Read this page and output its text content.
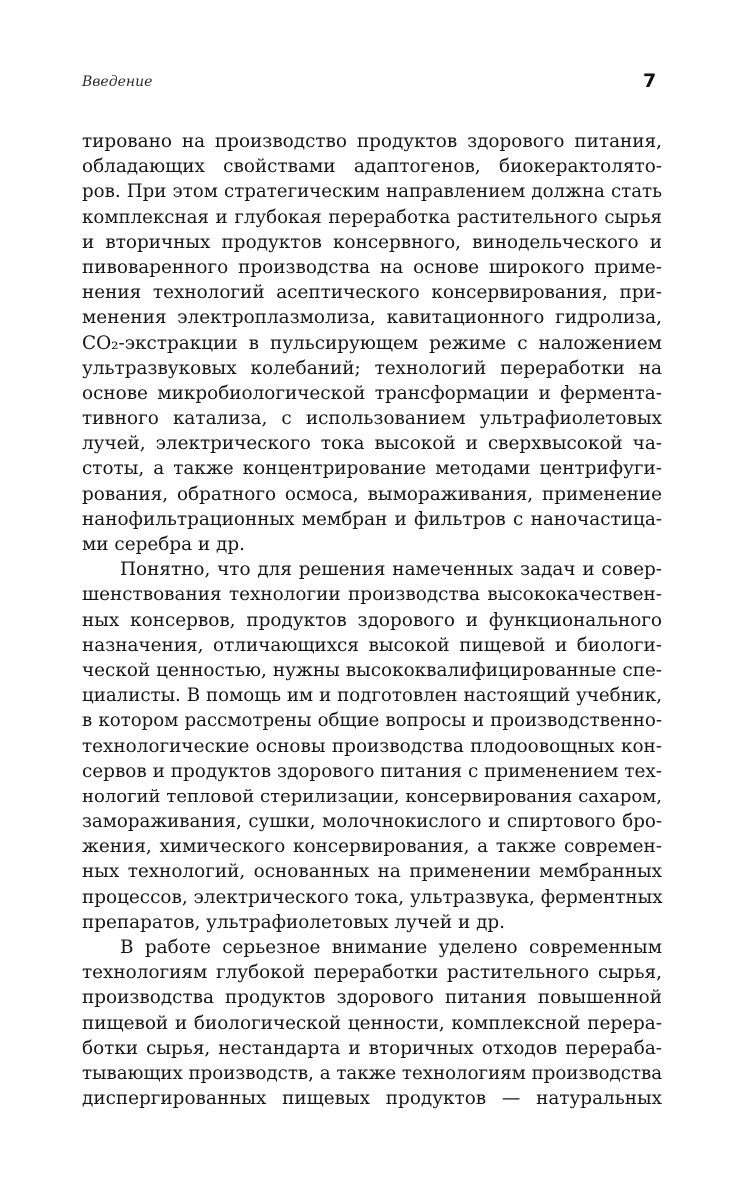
Введение	7
тировано на производство продуктов здорового питания,
обладающих свойствами адаптогенов, биокерактолято-
ров. При этом стратегическим направлением должна стать
комплексная и глубокая переработка растительного сырья
и вторичных продуктов консервного, винодельческого и
пивоваренного производства на основе широкого приме-
нения технологий асептического консервирования, при-
менения электроплазмолиза, кавитационного гидролиза,
CO₂-экстракции в пульсирующем режиме с наложением
ультразвуковых колебаний; технологий переработки на
основе микробиологической трансформации и фермента-
тивного катализа, с использованием ультрафиолетовых
лучей, электрического тока высокой и сверхвысокой ча-
стоты, а также концентрирование методами центрифуги-
рования, обратного осмоса, вымораживания, применение
нанофильтрационных мембран и фильтров с наночастица-
ми серебра и др.
Понятно, что для решения намеченных задач и совер-
шенствования технологии производства высококачествен-
ных консервов, продуктов здорового и функционального
назначения, отличающихся высокой пищевой и биологи-
ческой ценностью, нужны высококвалифицированные спе-
циалисты. В помощь им и подготовлен настоящий учебник,
в котором рассмотрены общие вопросы и производственно-
технологические основы производства плодоовощных кон-
сервов и продуктов здорового питания с применением тех-
нологий тепловой стерилизации, консервирования сахаром,
замораживания, сушки, молочнокислого и спиртового бро-
жения, химического консервирования, а также современ-
ных технологий, основанных на применении мембранных
процессов, электрического тока, ультразвука, ферментных
препаратов, ультрафиолетовых лучей и др.
В работе серьезное внимание уделено современным
технологиям глубокой переработки растительного сырья,
производства продуктов здорового питания повышенной
пищевой и биологической ценности, комплексной перера-
ботки сырья, нестандарта и вторичных отходов перераба-
тывающих производств, а также технологиям производства
диспергированных пищевых продуктов — натуральных
